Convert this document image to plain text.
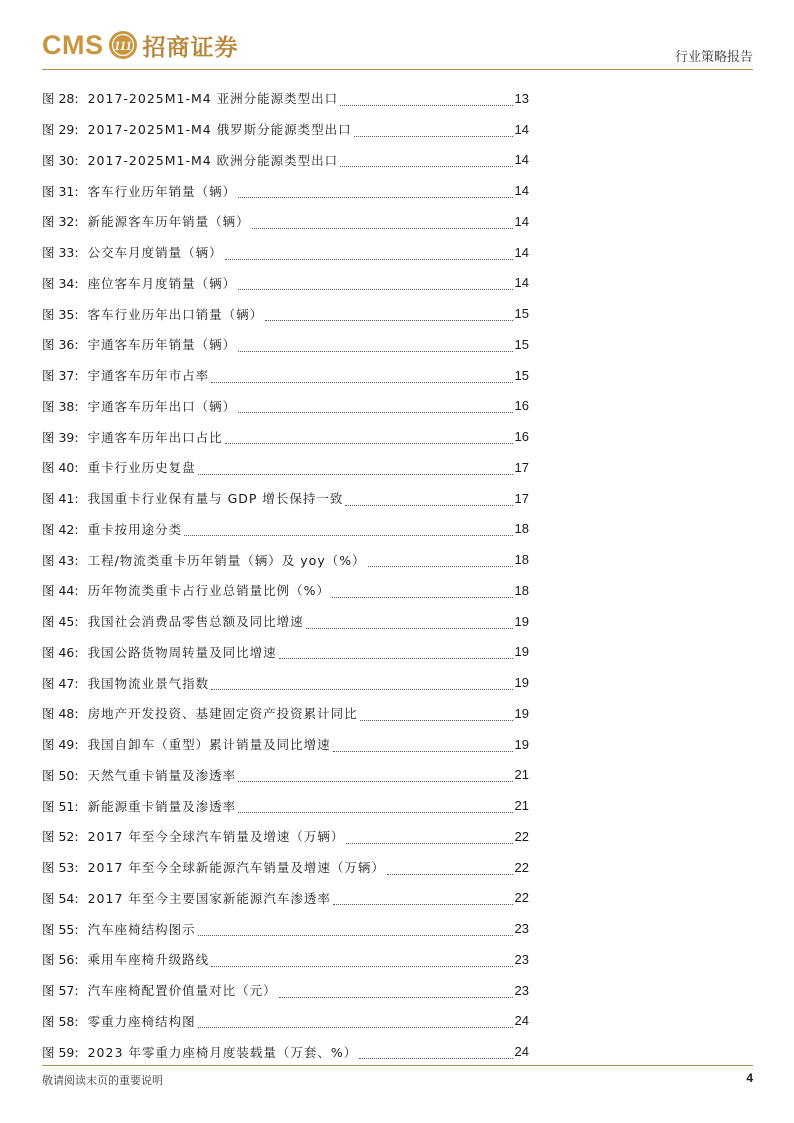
CMS 111 招商证券	行业策略报告
图 28: 2017-2025M1-M4 亚洲分能源类型出口	13
图 29: 2017-2025M1-M4 俄罗斯分能源类型出口	14
图 30: 2017-2025M1-M4 欧洲分能源类型出口	14
图 31: 客车行业历年销量（辆）	14
图 32: 新能源客车历年销量（辆）	14
图 33: 公交车月度销量（辆）	14
图 34: 座位客车月度销量（辆）	14
图 35: 客车行业历年出口销量（辆）	15
图 36: 宇通客车历年销量（辆）	15
图 37: 宇通客车历年市占率	15
图 38: 宇通客车历年出口（辆）	16
图 39: 宇通客车历年出口占比	16
图 40: 重卡行业历史复盘	17
图 41: 我国重卡行业保有量与 GDP 增长保持一致	17
图 42: 重卡按用途分类	18
图 43: 工程/物流类重卡历年销量（辆）及 yoy（%）	18
图 44: 历年物流类重卡占行业总销量比例（%）	18
图 45: 我国社会消费品零售总额及同比增速	19
图 46: 我国公路货物周转量及同比增速	19
图 47: 我国物流业景气指数	19
图 48: 房地产开发投资、基建固定资产投资累计同比	19
图 49: 我国自卸车（重型）累计销量及同比增速	19
图 50: 天然气重卡销量及渗透率	21
图 51: 新能源重卡销量及渗透率	21
图 52: 2017 年至今全球汽车销量及增速（万辆）	22
图 53: 2017 年至今全球新能源汽车销量及增速（万辆）	22
图 54: 2017 年至今主要国家新能源汽车渗透率	22
图 55: 汽车座椅结构图示	23
图 56: 乘用车座椅升级路线	23
图 57: 汽车座椅配置价值量对比（元）	23
图 58: 零重力座椅结构图	24
图 59: 2023 年零重力座椅月度装载量（万套、%）	24
敬请阅读末页的重要说明	4
